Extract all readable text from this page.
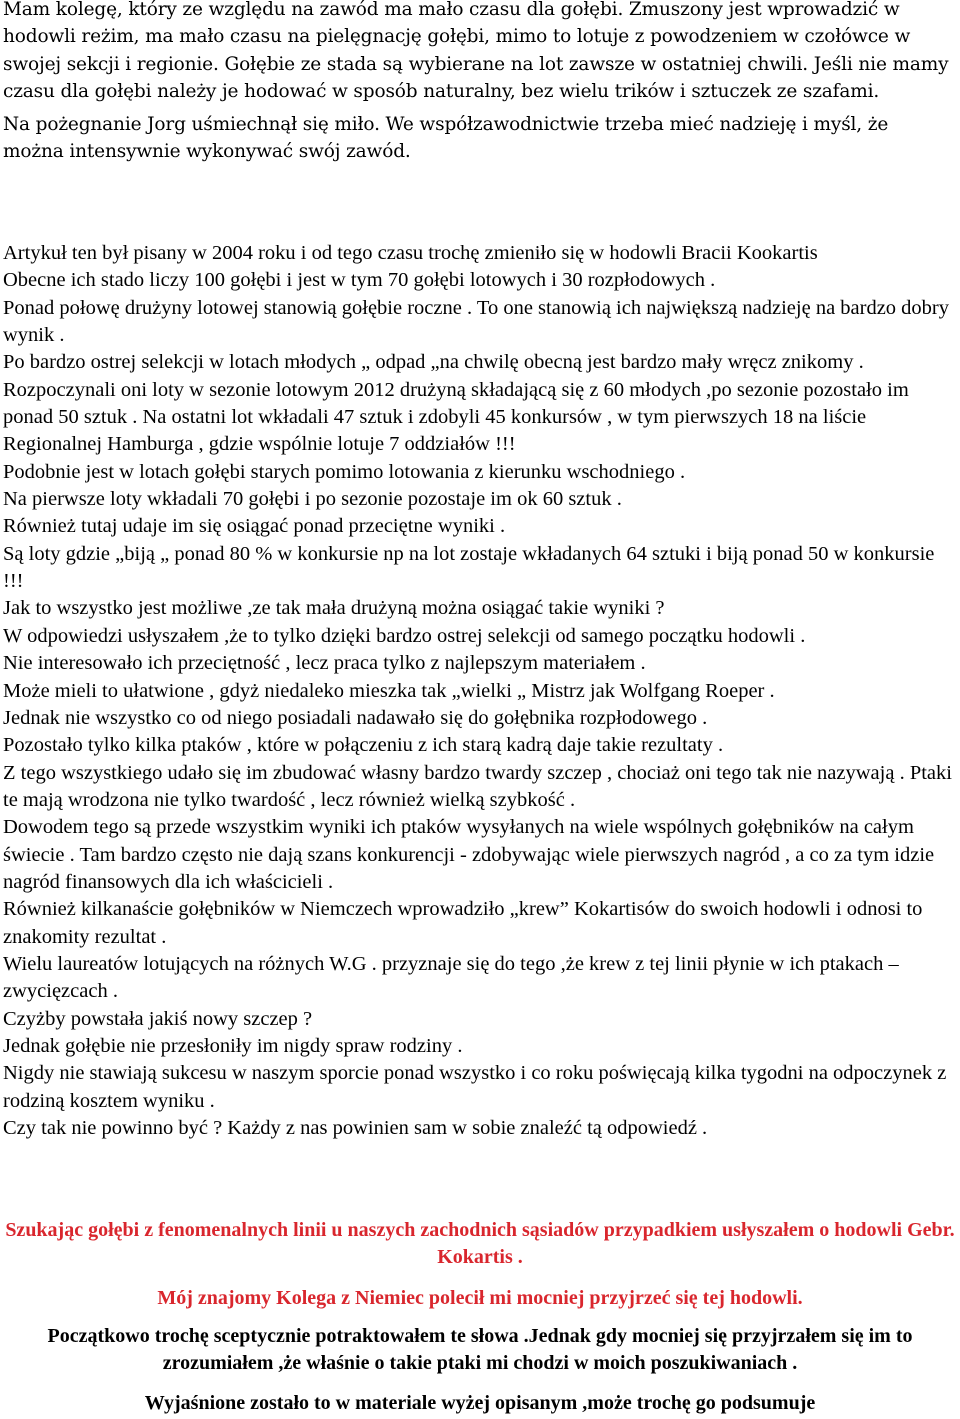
Mam kolegę, który ze względu na zawód ma mało czasu dla gołębi. Zmuszony jest wprowadzić w hodowli reżim, ma mało czasu na pielęgnację gołębi, mimo to lotuje z powodzeniem w czołówce w swojej sekcji i regionie. Gołębie ze stada są wybierane na lot zawsze w ostatniej chwili. Jeśli nie mamy czasu dla gołębi należy je hodować w sposób naturalny, bez wielu trików i sztuczek ze szafami.

Na pożegnanie Jorg uśmiechnął się miło. We współzawodnictwie trzeba mieć nadzieję i myśl, że można intensywnie wykonywać swój zawód.

Artykuł ten był pisany w 2004 roku i od tego czasu trochę zmieniło się w hodowli Bracii Kookartis

Obecne ich stado liczy 100 gołębi i jest w tym 70 gołębi lotowych i 30 rozpłodowych .

Ponad połowę drużyny lotowej stanowią gołębie roczne . To one stanowią ich największą nadzieję na bardzo dobry wynik .

Po bardzo ostrej selekcji w lotach młodych „ odpad „na chwilę obecną jest bardzo mały wręcz znikomy . Rozpoczynali oni loty w sezonie lotowym 2012 drużyną składającą się z 60 młodych ,po sezonie pozostało im ponad 50 sztuk . Na ostatni lot wkładali 47 sztuk i zdobyli 45 konkursów , w tym pierwszych 18 na liście Regionalnej Hamburga , gdzie wspólnie lotuje 7 oddziałów !!!

Podobnie jest w lotach gołębi starych pomimo lotowania z kierunku wschodniego .

Na pierwsze loty wkładali 70 gołębi i po sezonie pozostaje im ok 60 sztuk .

Również tutaj udaje im się osiągać ponad przeciętne wyniki .

Są loty gdzie „biją „ ponad 80 % w konkursie np na lot zostaje wkładanych 64 sztuki i biją ponad 50 w konkursie !!!

Jak to wszystko jest możliwe ,ze tak mała drużyną można osiągać takie wyniki ?

W odpowiedzi usłyszałem ,że to tylko dzięki bardzo ostrej selekcji od samego początku hodowli .

Nie interesowało ich przeciętność , lecz praca tylko z najlepszym materiałem .

Może mieli to ułatwione , gdyż niedaleko mieszka tak „wielki „ Mistrz jak Wolfgang Roeper .

Jednak nie wszystko co od niego posiadali nadawało się do gołębnika rozpłodowego .

Pozostało tylko kilka ptaków , które w połączeniu z ich starą kadrą daje takie rezultaty .

Z tego wszystkiego udało się im zbudować własny bardzo twardy szczep , chociaż oni tego tak nie nazywają . Ptaki te mają wrodzona nie tylko twardość , lecz również wielką szybkość .

Dowodem tego są przede wszystkim wyniki ich ptaków wysyłanych na wiele wspólnych gołębników na całym świecie . Tam bardzo często nie dają szans konkurencji - zdobywając wiele pierwszych nagród , a co za tym idzie nagród finansowych dla ich właścicieli .

Również kilkanaście gołębników w Niemczech wprowadziło „krew” Kokartisów do swoich hodowli i odnosi to znakomity rezultat .

Wielu laureatów lotujących na różnych W.G . przyznaje się do tego ,że krew z tej linii płynie w ich ptakach – zwycięzcach .

Czyżby powstała jakiś nowy szczep ?

Jednak gołębie nie przesłoniły im nigdy spraw rodziny .

Nigdy nie stawiają sukcesu w naszym sporcie ponad wszystko i co roku poświęcają kilka tygodni na odpoczynek z rodziną kosztem wyniku .

Czy tak nie powinno być ? Każdy z nas powinien sam w sobie znaleźć tą odpowiedź .

Szukając gołębi z fenomenalnych linii u naszych zachodnich sąsiadów przypadkiem usłyszałem o hodowli Gebr. Kokartis .

Mój znajomy Kolega z Niemiec polecił mi mocniej przyjrzeć się tej hodowli.

Początkowo trochę sceptycznie potraktowałem te słowa .Jednak gdy mocniej się przyjrzałem się im to zrozumiałem ,że właśnie o takie ptaki mi chodzi w moich poszukiwaniach .

Wyjaśnione zostało to w materiale wyżej opisanym ,może trochę go podsumuje
